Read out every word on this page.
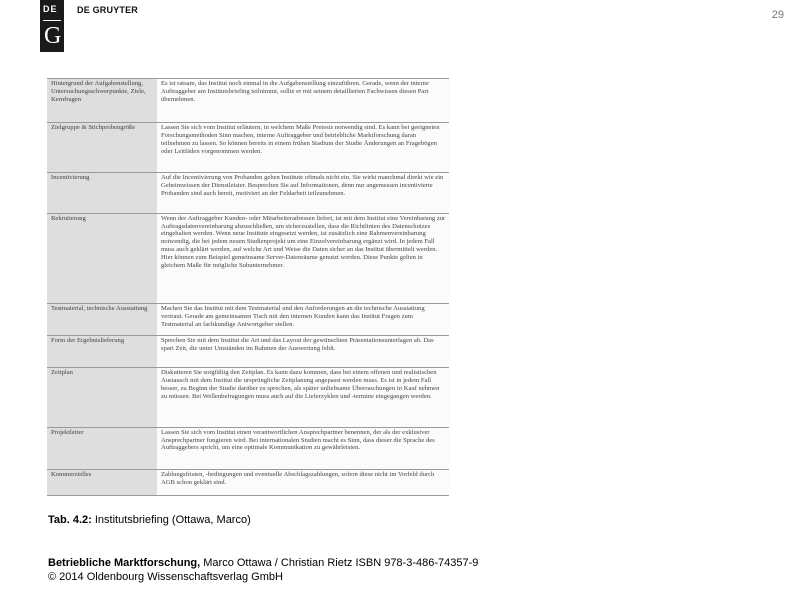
DE
G
DE GRUYTER	29
Hintergrund der Aufgabenstellung, Untersuchungsschwerpunkte, Ziele, Kernfragen	Es ist ratsam, das Institut noch einmal in die Aufgabenstellung einzuführen. Gerade, wenn der interne Auftraggeber am Institutsbriefing teilnimmt, sollte er mit seinem detaillierten Fachwissen diesen Part übernehmen.
Zielgruppe & Stichprobengröße	Lassen Sie sich vom Institut erläutern, in welchem Maße Pretests notwendig sind. Es kann bei geeigneten Forschungsmethoden Sinn machen, interne Auftraggeber und betriebliche Marktforschung daran teilnehmen zu lassen. So können bereits in einem frühen Stadium der Studie Änderungen an Fragebögen oder Leitfäden vorgenommen werden.
Incentivierung	Auf die Incentivierung von Probanden gehen Institute oftmals nicht ein. Sie wirkt manchmal direkt wie ein Geheimwissen der Dienstleister. Besprechen Sie auf Informationen, denn nur angemessen incentivierte Probanden sind auch bereit, motiviert an der Feldarbeit teilzunehmen.
Rekrutierung	Wenn der Auftraggeber Kunden- oder Mitarbeiteradressen liefert, ist mit dem Institut eine Vereinbarung zur Auftragsdatenvereinbarung abzuschließen, um sicherzustellen, dass die Richtlinien des Datenschutzes eingehalten werden. Wenn neue Institute eingesetzt werden, ist zusätzlich eine Rahmenvereinbarung notwendig, die bei jedem neuen Studienprojekt um eine Einzelvereinbarung ergänzt wird. In jedem Fall muss auch geklärt werden, auf welche Art und Weise die Daten sicher an das Institut übermittelt werden. Hier können zum Beispiel gemeinsame Server-Datenräume genutzt werden. Diese Punkte gelten in gleichem Maße für mögliche Subunternehmer.
Testmaterial, technische Ausstattung	Machen Sie das Institut mit dem Testmaterial und den Anforderungen an die technische Ausstattung vertraut. Gerade am gemeinsamen Tisch mit den internen Kunden kann das Institut Fragen zum Testmaterial an fachkundige Antwortgeber stellen.
Form der Ergebnislieferung	Sprechen Sie mit dem Institut die Art und das Layout der gewünschten Präsentationsunterlagen ab. Das spart Zeit, die unter Umständen im Rahmen der Auswertung fehlt.
Zeitplan	Diskutieren Sie sorgfältig den Zeitplan. Es kann dazu kommen, dass bei einem offenen und realistischen Austausch mit dem Institut die ursprüngliche Zeitplanung angepasst werden muss. Es ist in jedem Fall besser, zu Beginn der Studie darüber zu sprechen, als später unliebsame Überraschungen in Kauf nehmen zu müssen. Bei Wellenbefragungen muss auch auf die Lieferzyklen und -termine eingegangen werden.
Projektleiter	Lassen Sie sich vom Institut einen verantwortlichen Ansprechpartner benennen, der als der exklusiver Ansprechpartner fungieren wird. Bei internationalen Studien macht es Sinn, dass dieser die Sprache des Auftraggebers spricht, um eine optimale Kommunikation zu gewährleisten.
Kommerzielles	Zahlungsfristen, -bedingungen und eventuelle Abschlagszahlungen, sofern diese nicht im Vorfeld durch AGB schon geklärt sind.
Tab. 4.2: Institutsbriefing (Ottawa, Marco)
Betriebliche Marktforschung, Marco Ottawa / Christian Rietz ISBN 978-3-486-74357-9
© 2014 Oldenbourg Wissenschaftsverlag GmbH
